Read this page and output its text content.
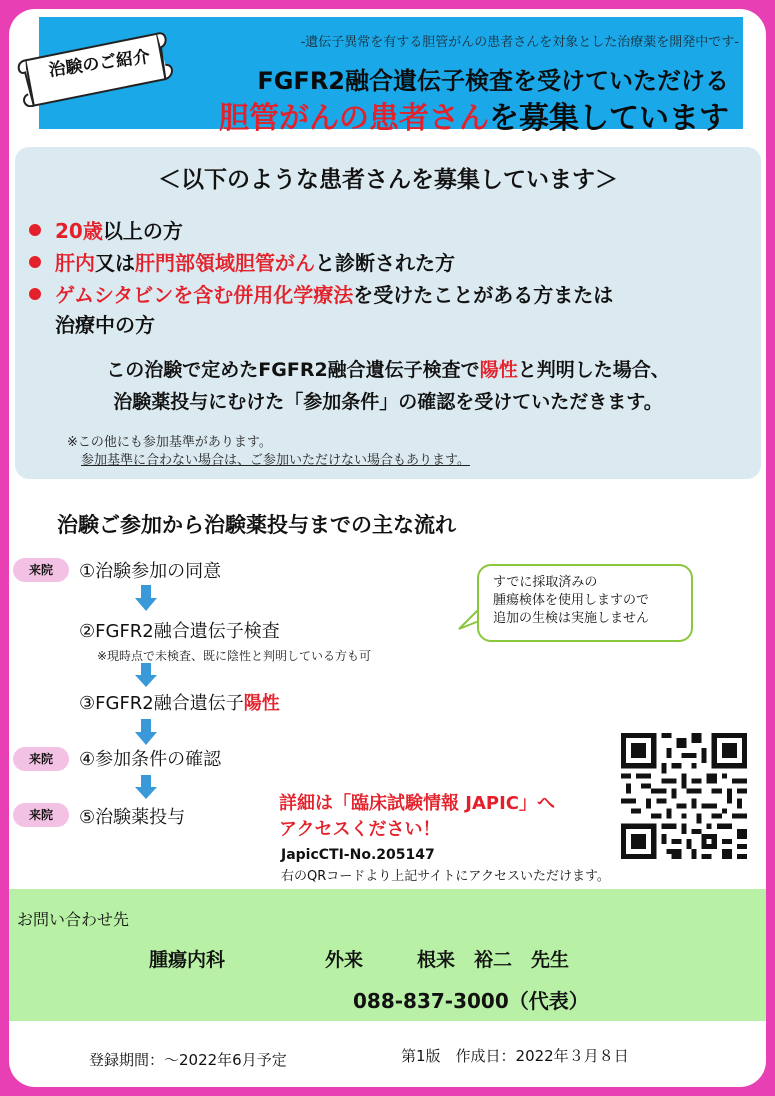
治験のご紹介
-遺伝子異常を有する胆管がんの患者さんを対象とした治療薬を開発中です-
FGFR2融合遺伝子検査を受けていただける
胆管がんの患者さんを募集しています
＜以下のような患者さんを募集しています＞
20歳以上の方
肝内又は肝門部領域胆管がんと診断された方
ゲムシタビンを含む併用化学療法を受けたことがある方または
治療中の方
この治験で定めたFGFR2融合遺伝子検査で陽性と判明した場合、
治験薬投与にむけた「参加条件」の確認を受けていただきます。
※この他にも参加基準があります。
参加基準に合わない場合は、ご参加いただけない場合もあります。
治験ご参加から治験薬投与までの主な流れ
来院	①治験参加の同意
②FGFR2融合遺伝子検査
※現時点で未検査、既に陰性と判明している方も可
③FGFR2融合遺伝子陽性
来院	④参加条件の確認
来院	⑤治験薬投与
すでに採取済みの
腫瘍検体を使用しますので
追加の生検は実施しません
詳細は「臨床試験情報 JAPIC」へ
アクセスください！
JapicCTI-No.205147
右のQRコードより上記サイトにアクセスいただけます。
お問い合わせ先
腫瘍内科	外来	根来　裕二　先生
088-837-3000（代表）
登録期間：～2022年6月予定	第1版　作成日：2022年３月８日
